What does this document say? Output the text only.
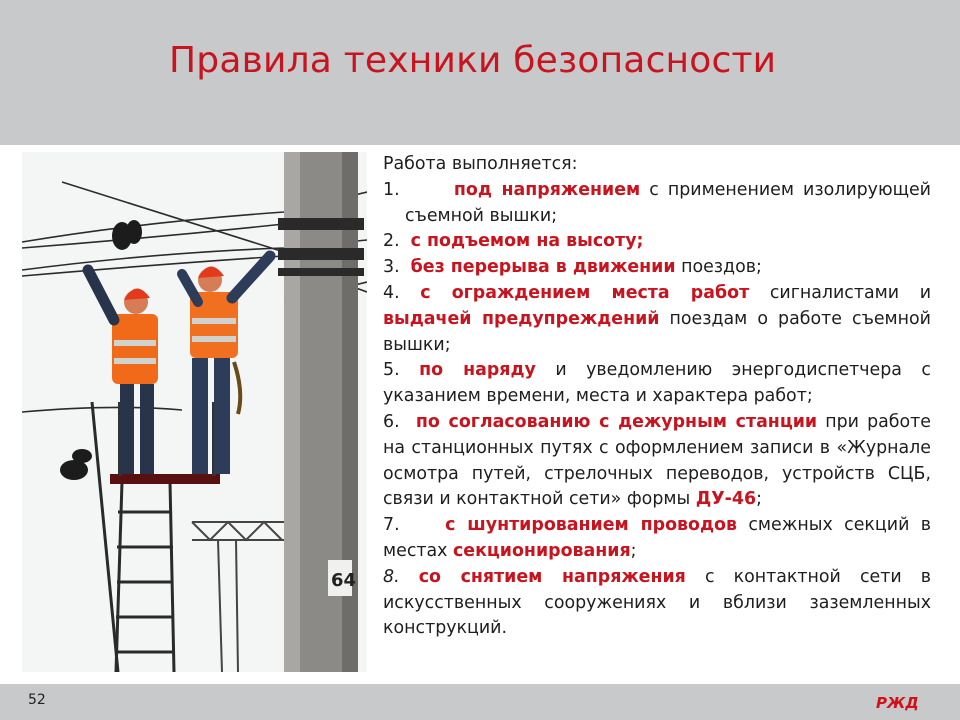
Правила техники безопасности
64

Работа выполняется:

1.	под напряжением с применением изолирующей съемной вышки;

2. с подъемом на высоту;

3. без перерыва в движении поездов;

4. с ограждением места работ сигналистами и выдачей предупреждений поездам о работе съемной вышки;

5. по наряду и уведомлению энергодиспетчера с указанием времени, места и характера работ;

6. по согласованию с дежурным станции при работе на станционных путях с оформлением записи в «Журнале осмотра путей, стрелочных переводов, устройств СЦБ, связи и контактной сети» формы ДУ-46;

7.	с шунтированием проводов смежных секций в местах секционирования;

8. со снятием напряжения с контактной сети в искусственных сооружениях и вблизи заземленных конструкций.

52	РЖД
